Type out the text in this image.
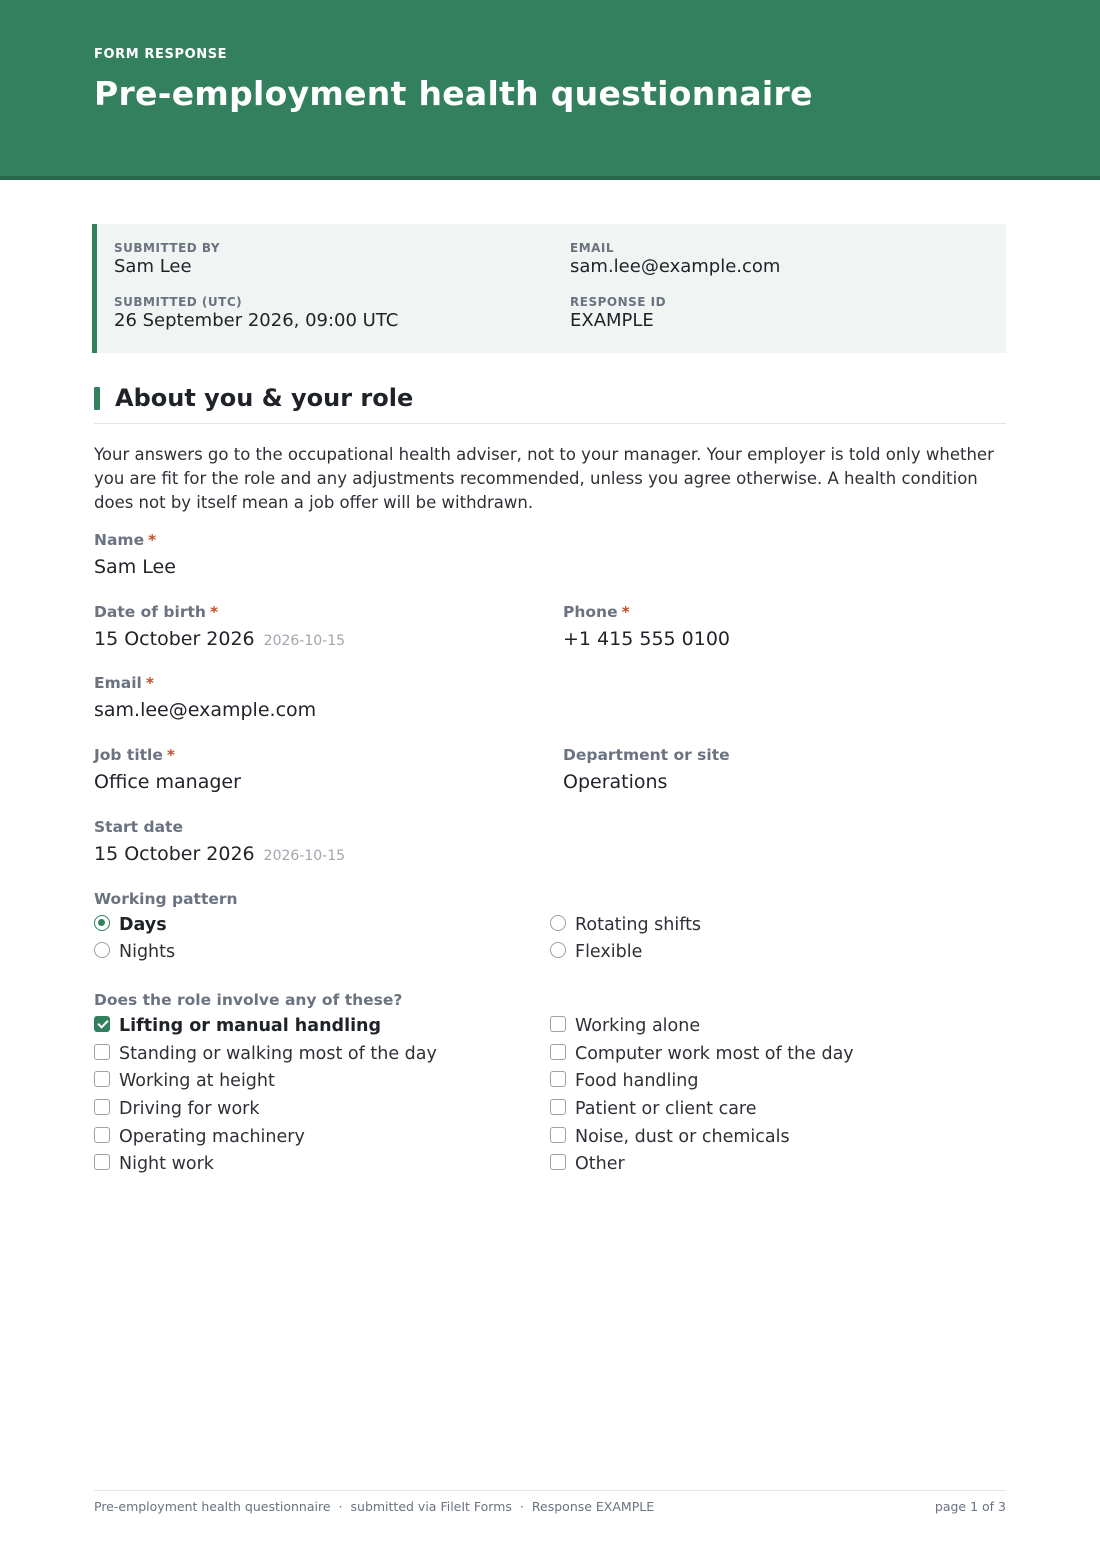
FORM RESPONSE
Pre-employment health questionnaire
SUBMITTED BY
Sam Lee
EMAIL
sam.lee@example.com
SUBMITTED (UTC)
26 September 2026, 09:00 UTC
RESPONSE ID
EXAMPLE
About you & your role
Your answers go to the occupational health adviser, not to your manager. Your employer is told only whether you are fit for the role and any adjustments recommended, unless you agree otherwise. A health condition does not by itself mean a job offer will be withdrawn.
Name *
Sam Lee
Date of birth *
15 October 2026 2026-10-15
Phone *
+1 415 555 0100
Email *
sam.lee@example.com
Job title *
Office manager
Department or site
Operations
Start date
15 October 2026 2026-10-15
Working pattern
Days
Nights
Rotating shifts
Flexible
Does the role involve any of these?
Lifting or manual handling
Standing or walking most of the day
Working at height
Driving for work
Operating machinery
Night work
Working alone
Computer work most of the day
Food handling
Patient or client care
Noise, dust or chemicals
Other
Pre-employment health questionnaire · submitted via FileIt Forms · Response EXAMPLE	page 1 of 3
